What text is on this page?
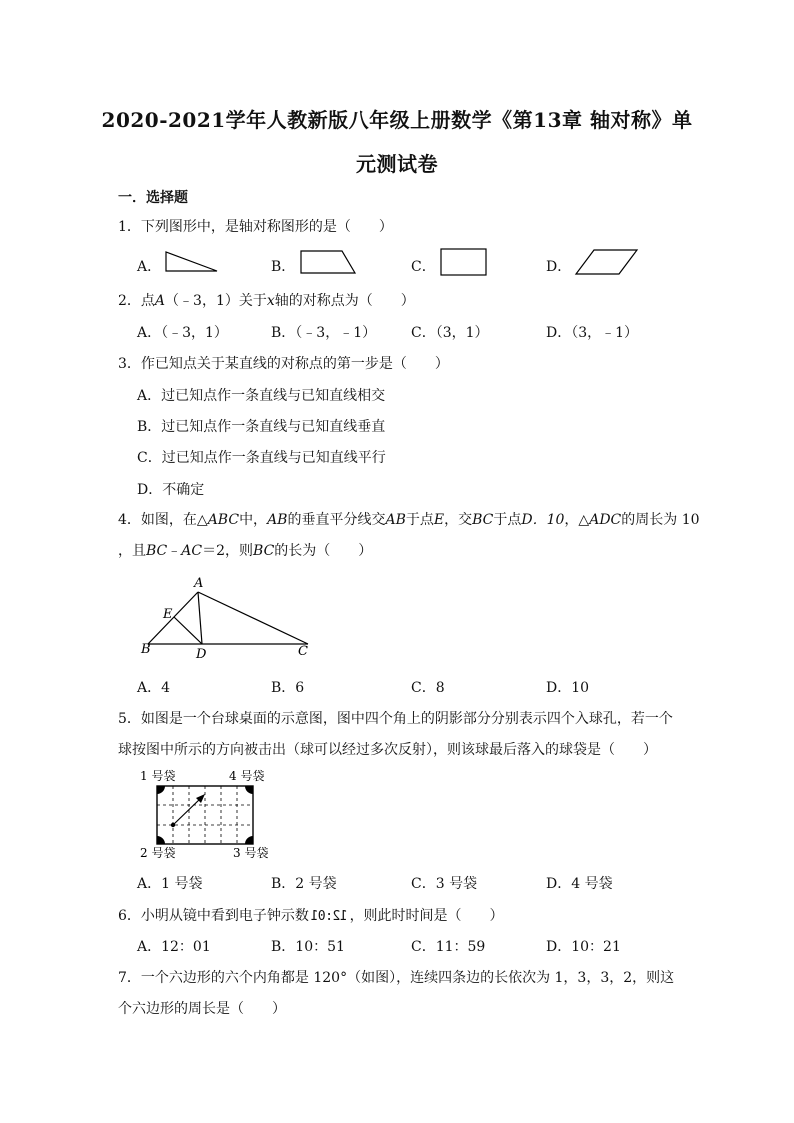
2020-2021学年人教新版八年级上册数学《第13章 轴对称》单
元测试卷
一．选择题
1．下列图形中，是轴对称图形的是（　　）
A．	B．	C．	D．
2．点A（﹣3，1）关于x轴的对称点为（　　）
A．（﹣3，1）	B．（﹣3，﹣1） C．（3，1）	D．（3，﹣1）
3．作已知点关于某直线的对称点的第一步是（　　）
A．过已知点作一条直线与已知直线相交
B．过已知点作一条直线与已知直线垂直
C．过已知点作一条直线与已知直线平行
D．不确定
4．如图，在△ABC中，AB的垂直平分线交AB于点E，交BC于点D．10，△ADC的周长为 10
，且BC﹣AC＝2，则BC的长为（　　）
A
B	C
D
E
A．4	B．6	C．8	D．10
5．如图是一个台球桌面的示意图，图中四个角上的阴影部分分别表示四个入球孔，若一个
球按图中所示的方向被击出（球可以经过多次反射），则该球最后落入的球袋是（　　）
1 号袋	4 号袋
2 号袋	3 号袋
A．1 号袋	B．2 号袋	C．3 号袋	D．4 号袋
6．小明从镜中看到电子钟示数 12:01 ，则此时时间是（　　）
A．12：01	B．10：51	C．11：59	D．10：21
7．一个六边形的六个内角都是 120°（如图），连续四条边的长依次为 1，3，3，2，则这
个六边形的周长是（　　）
